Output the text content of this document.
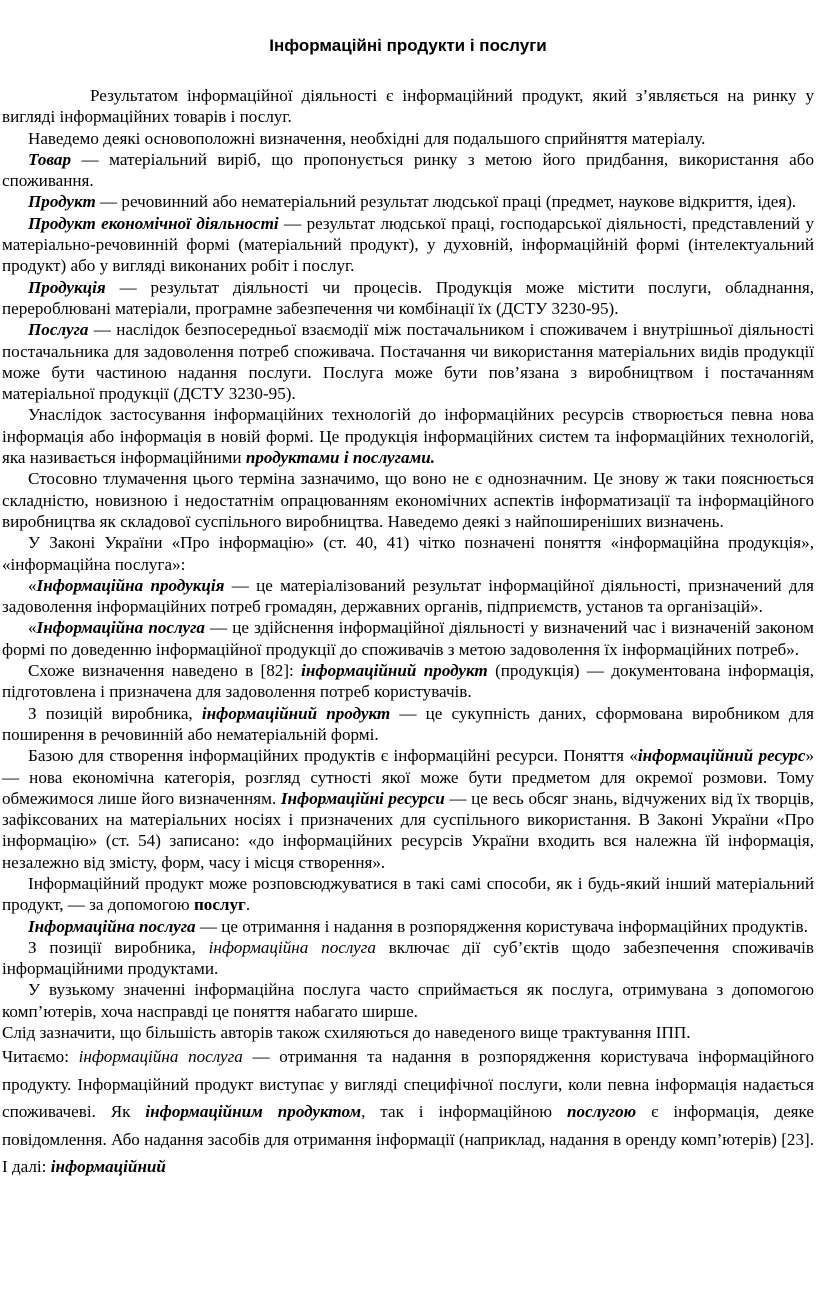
Інформаційні продукти і послуги

Результатом інформаційної діяльності є інформаційний продукт, який з’являється на ринку у вигляді інформаційних товарів і послуг.

Наведемо деякі основоположні визначення, необхідні для подальшого сприйняття матеріалу.

Товар — матеріальний виріб, що пропонується ринку з метою його придбання, використання або споживання.

Продукт — речовинний або нематеріальний результат людської праці (предмет, наукове відкриття, ідея).

Продукт економічної діяльності — результат людської праці, господарської діяльності, представлений у матеріально-речовинній формі (матеріальний продукт), у духовній, інформаційній формі (інтелектуальний продукт) або у вигляді виконаних робіт і послуг.

Продукція — результат діяльності чи процесів. Продукція може містити послуги, обладнання, перероблювані матеріали, програмне забезпечення чи комбінації їх (ДСТУ 3230-95).

Послуга — наслідок безпосередньої взаємодії між постачальником і споживачем і внутрішньої діяльності постачальника для задоволення потреб споживача. Постачання чи використання матеріальних видів продукції може бути частиною надання послуги. Послуга може бути пов’язана з виробництвом і постачанням матеріальної продукції (ДСТУ 3230-95).

Унаслідок застосування інформаційних технологій до інформаційних ресурсів створюється певна нова інформація або інформація в новій формі. Це продукція інформаційних систем та інформаційних технологій, яка називається інформаційними продуктами і послугами.

Стосовно тлумачення цього терміна зазначимо, що воно не є однозначним. Це знову ж таки пояснюється складністю, новизною і недостатнім опрацюванням економічних аспектів інформатизації та інформаційного виробництва як складової суспільного виробництва. Наведемо деякі з найпоширеніших визначень.

У Законі України «Про інформацію» (ст. 40, 41) чітко позначені поняття «інформаційна продукція», «інформаційна послуга»:

«Інформаційна продукція — це матеріалізований результат інформаційної діяльності, призначений для задоволення інформаційних потреб громадян, державних органів, підприємств, установ та організацій».

«Інформаційна послуга — це здійснення інформаційної діяльності у визначений час і визначеній законом формі по доведенню інформаційної продукції до споживачів з метою задоволення їх інформаційних потреб».

Схоже визначення наведено в [82]: інформаційний продукт (продукція) — документована інформація, підготовлена і призначена для задоволення потреб користувачів.

З позицій виробника, інформаційний продукт — це сукупність даних, сформована виробником для поширення в речовинній або нематеріальній формі.

Базою для створення інформаційних продуктів є інформаційні ресурси. Поняття «інформаційний ресурс» — нова економічна категорія, розгляд сутності якої може бути предметом для окремої розмови. Тому обмежимося лише його визначенням. Інформаційні ресурси — це весь обсяг знань, відчужених від їх творців, зафіксованих на матеріальних носіях і призначених для суспільного використання. В Законі України «Про інформацію» (ст. 54) записано: «до інформаційних ресурсів України входить вся належна їй інформація, незалежно від змісту, форм, часу і місця створення».

Інформаційний продукт може розповсюджуватися в такі самі способи, як і будь-який інший матеріальний продукт, — за допомогою послуг.

Інформаційна послуга — це отримання і надання в розпорядження користувача інформаційних продуктів.

З позиції виробника, інформаційна послуга включає дії суб’єктів щодо забезпечення споживачів інформаційними продуктами.

У вузькому значенні інформаційна послуга часто сприймається як послуга, отримувана з допомогою комп’ютерів, хоча насправді це поняття набагато ширше.

Слід зазначити, що більшість авторів також схиляються до наведеного вище трактування ІПП.

Читаємо: інформаційна послуга — отримання та надання в розпорядження користувача інформаційного продукту. Інформаційний продукт виступає у вигляді специфічної послуги, коли певна інформація надається споживачеві. Як інформаційним продуктом, так і інформаційною послугою є інформація, деяке повідомлення. Або надання засобів для отримання інформації (наприклад, надання в оренду комп’ютерів) [23]. І далі: інформаційний
